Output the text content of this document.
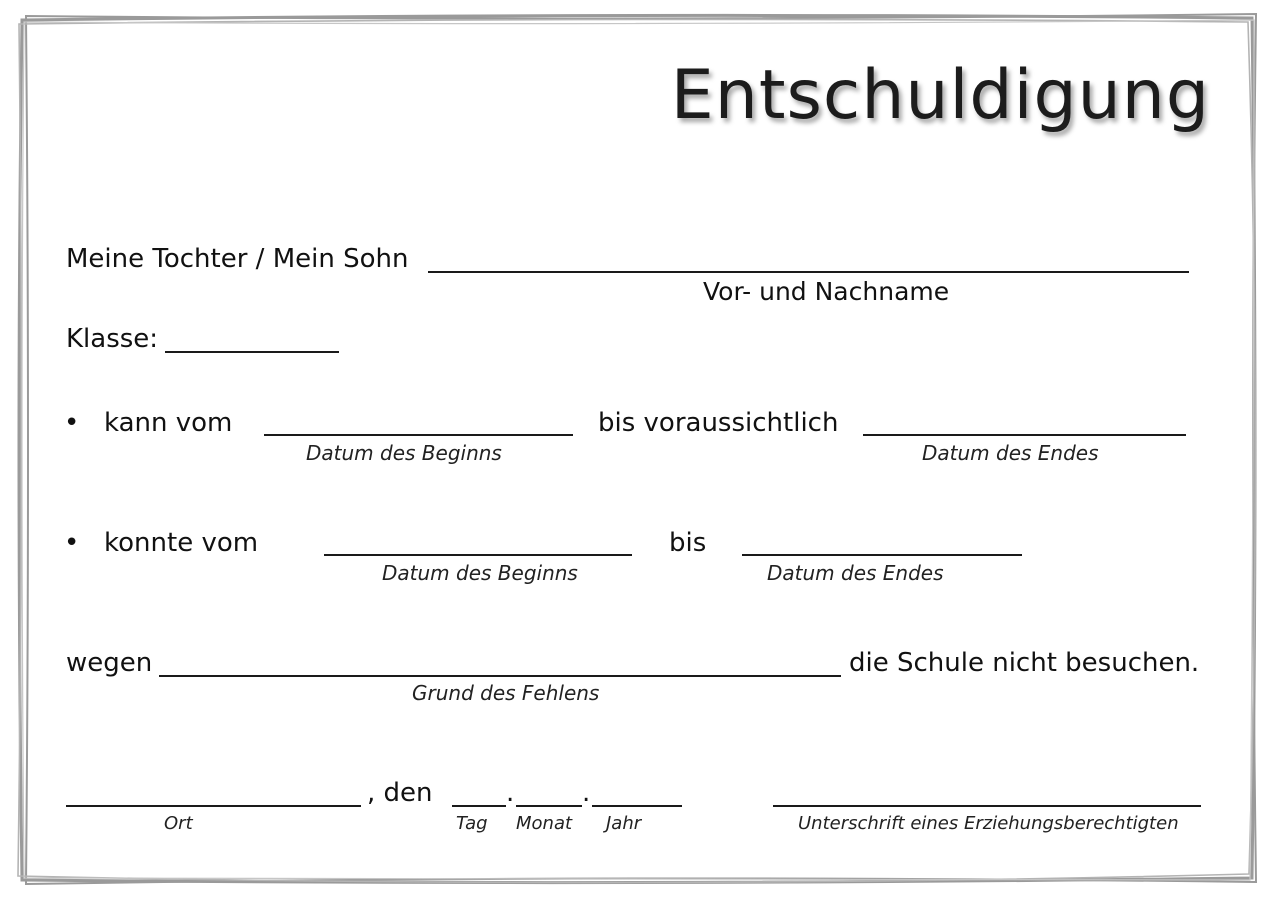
Entschuldigung
Meine Tochter / Mein Sohn
Vor- und Nachname
Klasse:
• kann vom	bis voraussichtlich
Datum des Beginns	Datum des Endes
• konnte vom	bis
Datum des Beginns	Datum des Endes
wegen	die Schule nicht besuchen.
Grund des Fehlens
, den	.	.
Ort	Tag Monat Jahr	Unterschrift eines Erziehungsberechtigten
